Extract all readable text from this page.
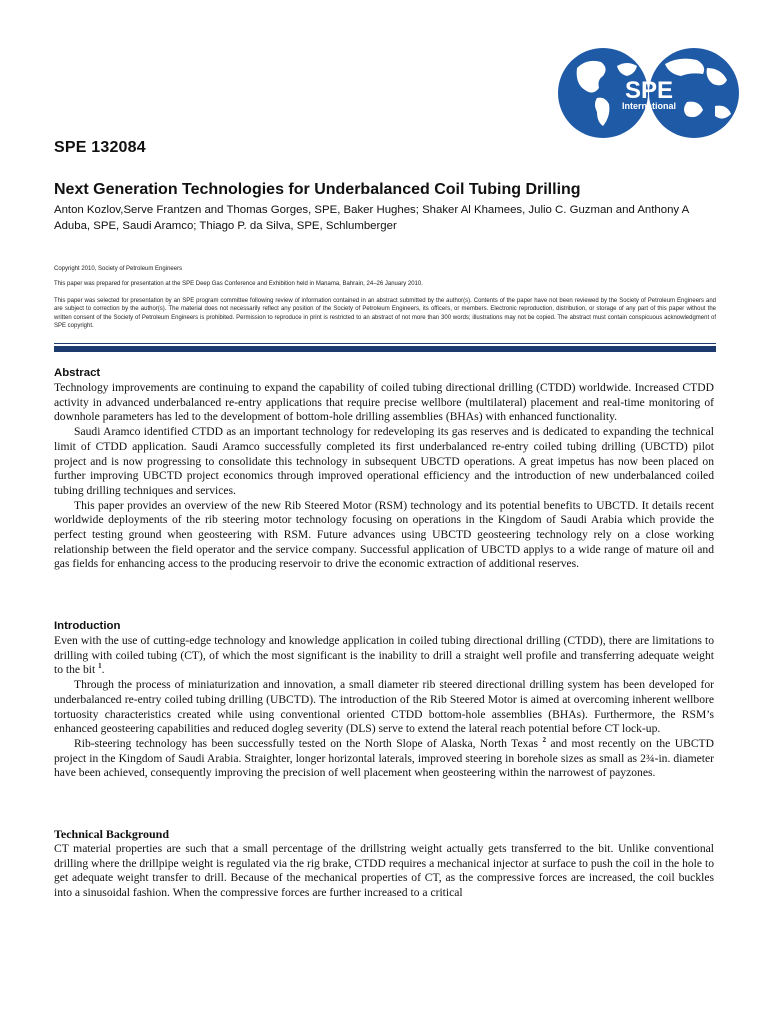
SPE
International
SPE 132084
Next Generation Technologies for Underbalanced Coil Tubing Drilling
Anton Kozlov,Serve Frantzen and Thomas Gorges, SPE, Baker Hughes; Shaker Al Khamees, Julio C. Guzman and Anthony A Aduba, SPE, Saudi Aramco; Thiago P. da Silva, SPE, Schlumberger
Copyright 2010, Society of Petroleum Engineers
This paper was prepared for presentation at the SPE Deep Gas Conference and Exhibition held in Manama, Bahrain, 24–26 January 2010.
This paper was selected for presentation by an SPE program committee following review of information contained in an abstract submitted by the author(s). Contents of the paper have not been reviewed by the Society of Petroleum Engineers and are subject to correction by the author(s). The material does not necessarily reflect any position of the Society of Petroleum Engineers, its officers, or members. Electronic reproduction, distribution, or storage of any part of this paper without the written consent of the Society of Petroleum Engineers is prohibited. Permission to reproduce in print is restricted to an abstract of not more than 300 words; illustrations may not be copied. The abstract must contain conspicuous acknowledgment of SPE copyright.
Abstract

Technology improvements are continuing to expand the capability of coiled tubing directional drilling (CTDD) worldwide. Increased CTDD activity in advanced underbalanced re-entry applications that require precise wellbore (multilateral) placement and real-time monitoring of downhole parameters has led to the development of bottom-hole drilling assemblies (BHAs) with enhanced functionality.

Saudi Aramco identified CTDD as an important technology for redeveloping its gas reserves and is dedicated to expanding the technical limit of CTDD application. Saudi Aramco successfully completed its first underbalanced re-entry coiled tubing drilling (UBCTD) pilot project and is now progressing to consolidate this technology in subsequent UBCTD operations. A great impetus has now been placed on further improving UBCTD project economics through improved operational efficiency and the introduction of new underbalanced coiled tubing drilling techniques and services.

This paper provides an overview of the new Rib Steered Motor (RSM) technology and its potential benefits to UBCTD. It details recent worldwide deployments of the rib steering motor technology focusing on operations in the Kingdom of Saudi Arabia which provide the perfect testing ground when geosteering with RSM. Future advances using UBCTD geosteering technology rely on a close working relationship between the field operator and the service company. Successful application of UBCTD applys to a wide range of mature oil and gas fields for enhancing access to the producing reservoir to drive the economic extraction of additional reserves.

Introduction

Even with the use of cutting-edge technology and knowledge application in coiled tubing directional drilling (CTDD), there are limitations to drilling with coiled tubing (CT), of which the most significant is the inability to drill a straight well profile and transferring adequate weight to the bit $^1$.

Through the process of miniaturization and innovation, a small diameter rib steered directional drilling system has been developed for underbalanced re-entry coiled tubing drilling (UBCTD). The introduction of the Rib Steered Motor is aimed at overcoming inherent wellbore tortuosity characteristics created while using conventional oriented CTDD bottom-hole assemblies (BHAs). Furthermore, the RSM’s enhanced geosteering capabilities and reduced dogleg severity (DLS) serve to extend the lateral reach potential before CT lock-up.

Rib-steering technology has been successfully tested on the North Slope of Alaska, North Texas $^2$ and most recently on the UBCTD project in the Kingdom of Saudi Arabia. Straighter, longer horizontal laterals, improved steering in borehole sizes as small as 2¾-in. diameter have been achieved, consequently improving the precision of well placement when geosteering within the narrowest of payzones.

Technical Background

CT material properties are such that a small percentage of the drillstring weight actually gets transferred to the bit. Unlike conventional drilling where the drillpipe weight is regulated via the rig brake, CTDD requires a mechanical injector at surface to push the coil in the hole to get adequate weight transfer to drill. Because of the mechanical properties of CT, as the compressive forces are increased, the coil buckles into a sinusoidal fashion. When the compressive forces are further increased to a critical
